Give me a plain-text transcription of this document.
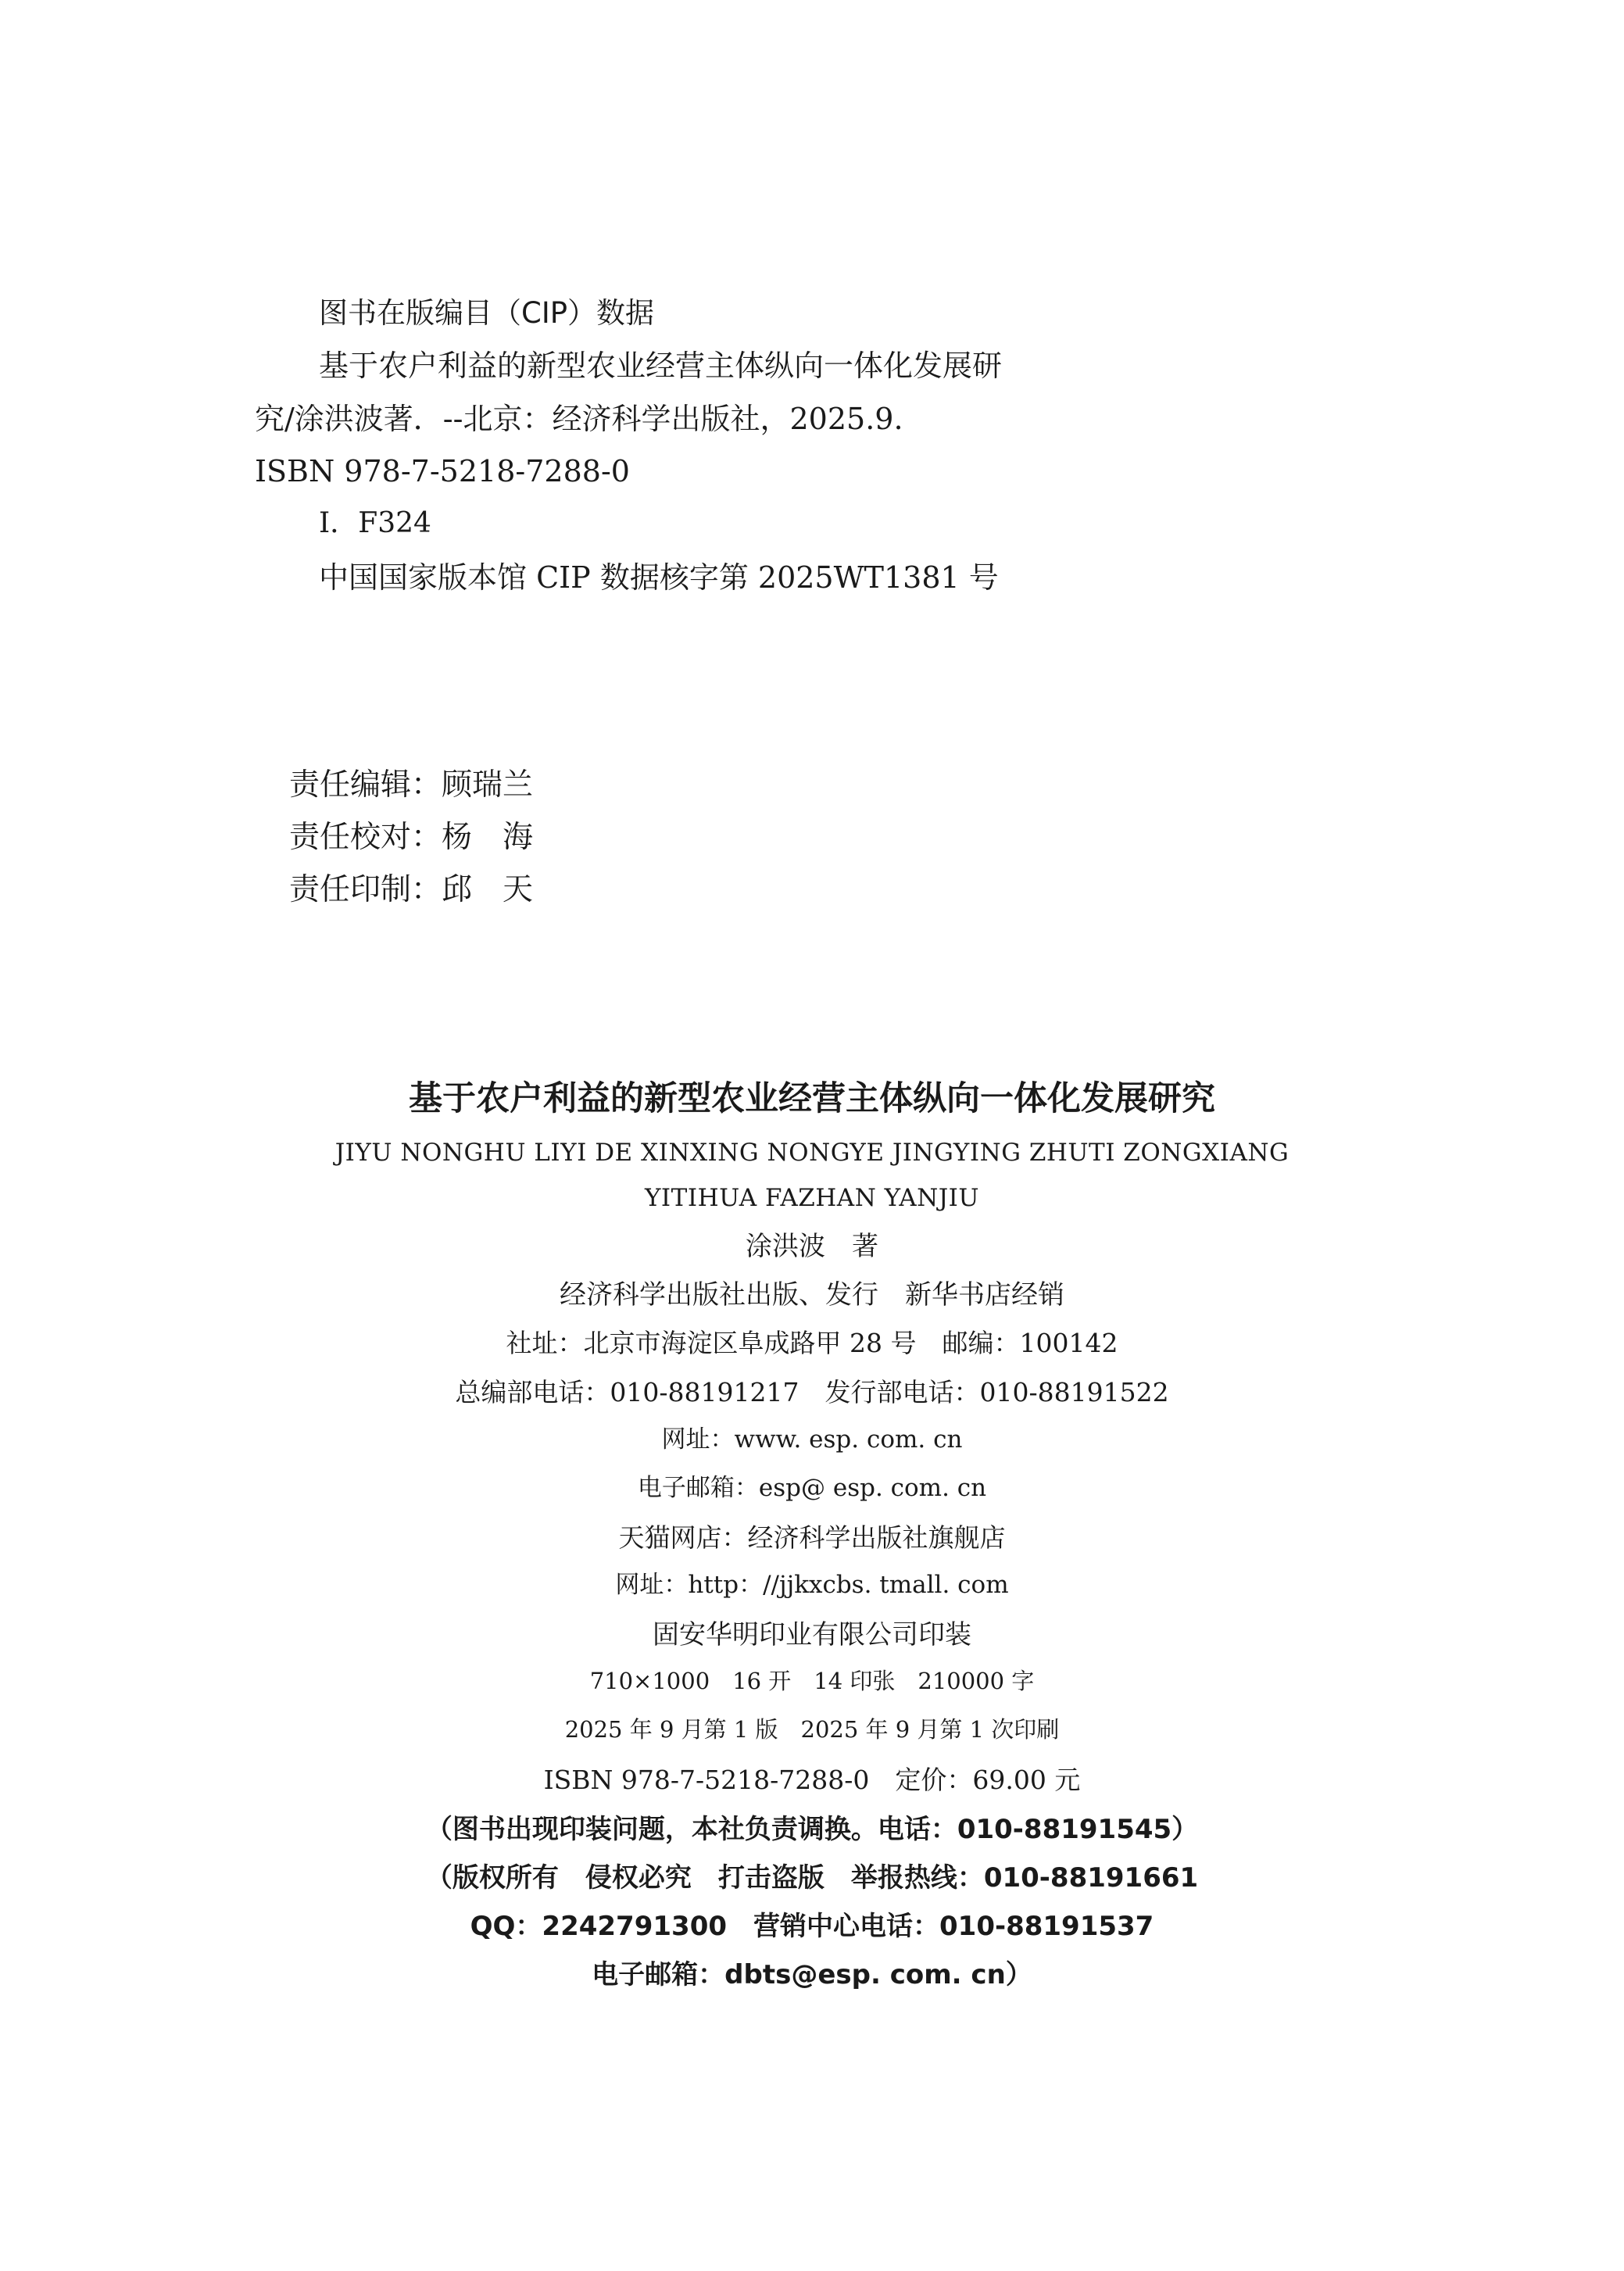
图书在版编目（CIP）数据
基于农户利益的新型农业经营主体纵向一体化发展研
究/涂洪波著．--北京：经济科学出版社，2025.9.
ISBN 978-7-5218-7288-0
Ⅰ．F324
中国国家版本馆 CIP 数据核字第 2025WT1381 号
责任编辑：顾瑞兰
责任校对：杨　海
责任印制：邱　天
基于农户利益的新型农业经营主体纵向一体化发展研究
JIYU NONGHU LIYI DE XINXING NONGYE JINGYING ZHUTI ZONGXIANG
YITIHUA FAZHAN YANJIU
涂洪波　著
经济科学出版社出版、发行　新华书店经销
社址：北京市海淀区阜成路甲 28 号　邮编：100142
总编部电话：010-88191217　发行部电话：010-88191522
网址：www. esp. com. cn
电子邮箱：esp@ esp. com. cn
天猫网店：经济科学出版社旗舰店
网址：http：//jjkxcbs. tmall. com
固安华明印业有限公司印装
710×1000　16 开　14 印张　210000 字
2025 年 9 月第 1 版　2025 年 9 月第 1 次印刷
ISBN 978-7-5218-7288-0　定价：69.00 元
（图书出现印装问题，本社负责调换。电话：010-88191545）
（版权所有　侵权必究　打击盗版　举报热线：010-88191661
QQ：2242791300　营销中心电话：010-88191537
电子邮箱：dbts@esp. com. cn）
